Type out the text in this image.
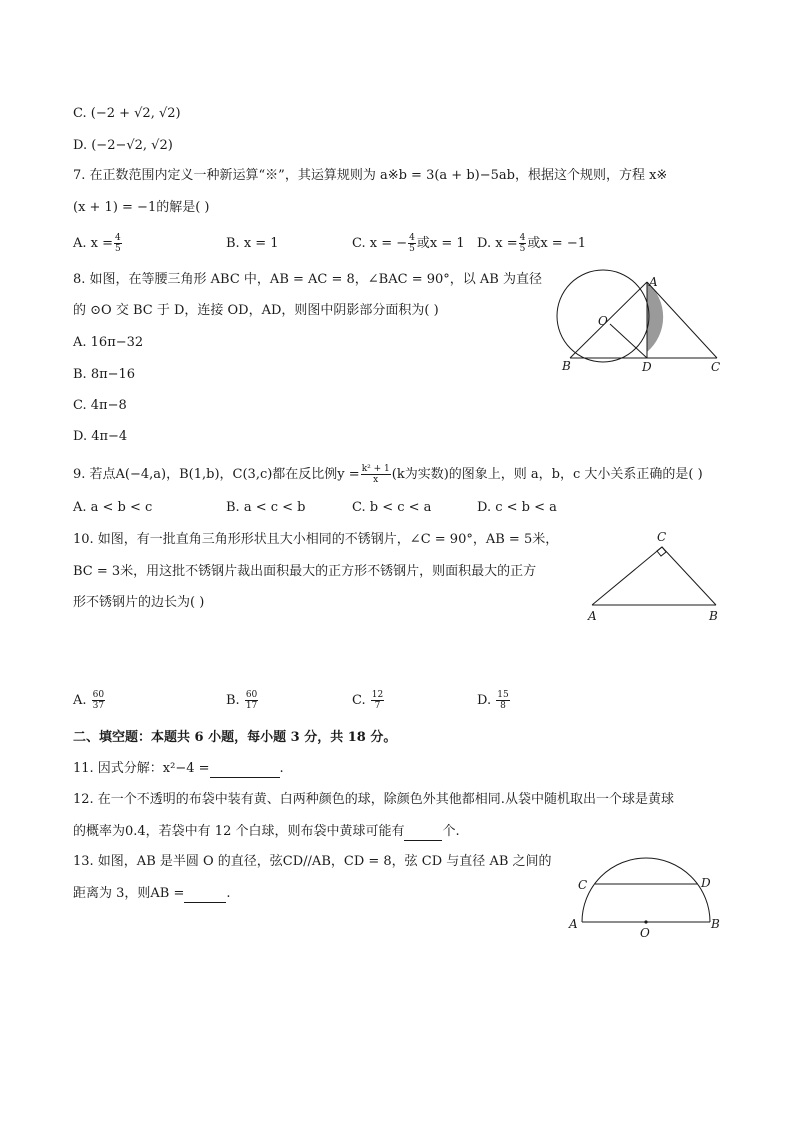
C. (−2 + √2, √2)
D. (−2−√2, √2)
7. 在正数范围内定义一种新运算“※”，其运算规则为 a※b = 3(a + b)−5ab，根据这个规则，方程 x※
(x + 1) = −1的解是( )
A. $x = \frac{4}{5}$	B. x = 1	C. x = − $\frac{4}{5}$ 或x = 1 D. $x = \frac{4}{5}$ 或x = −1
8. 如图，在等腰三角形 ABC 中，AB = AC = 8，∠BAC = 90°，以 AB 为直径
的 ⊙O 交 BC 于 D，连接 OD，AD，则图中阴影部分面积为( )
A. 16π−32
B. 8π−16
C. 4π−8
D. 4π−4
A
O
B	D	C
9. 若点A(−4,a)，B(1,b)，C(3,c)都在反比例$y = \frac{\text{k² + 1}}{x} (k$为实数)的图象上，则 a，b，c 大小关系正确的是( )
A. a < b < c	B. a < c < b	C. b < c < a	D. c < b < a
10. 如图，有一批直角三角形形状且大小相同的不锈钢片，∠C = 90°，AB = 5米，
BC = 3米，用这批不锈钢片裁出面积最大的正方形不锈钢片，则面积最大的正方
形不锈钢片的边长为( )
C
A	B
A. $\frac{60}{37}$	B. $\frac{60}{17}$	C. $\frac{12}{7}$	D. $\frac{15}{8}$
二、填空题：本题共 6 小题，每小题 3 分，共 18 分。
11. 因式分解：x²−4 =	.
12. 在一个不透明的布袋中装有黄、白两种颜色的球，除颜色外其他都相同.从袋中随机取出一个球是黄球
的概率为0.4，若袋中有 12 个白球，则布袋中黄球可能有	个.
13. 如图，AB 是半圆 O 的直径，弦CD//AB，CD = 8，弦 CD 与直径 AB 之间的
距离为 3，则AB =	.
C	D
A
O
B
